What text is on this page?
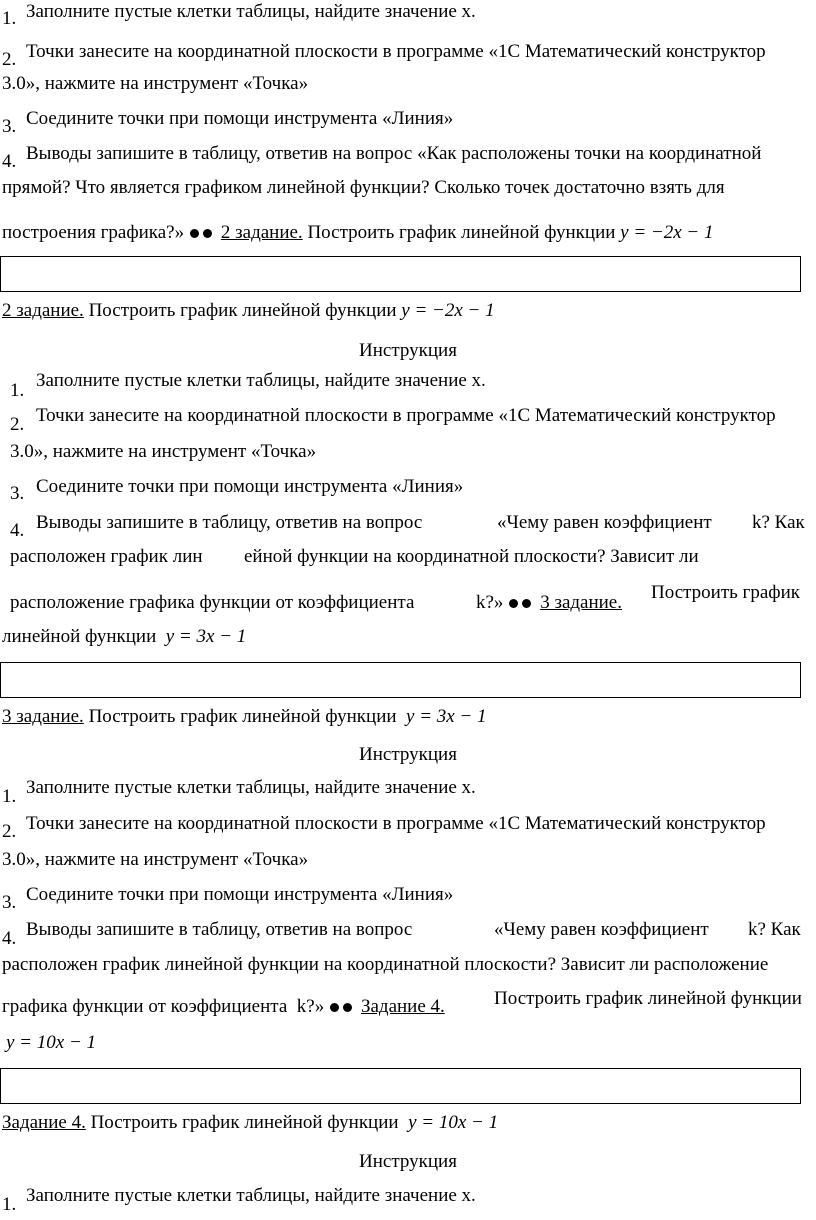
1. Заполните пустые клетки таблицы, найдите значение x.
2. Точки занесите на координатной плоскости в программе «1С Математический конструктор
3.0», нажмите на инструмент «Точка»
3. Соедините точки при помощи инструмента «Линия»
4. Выводы запишите в таблицу, ответив на вопрос «Как расположены точки на координатной
прямой? Что является графиком линейной функции? Сколько точек достаточно взять для
построения графика?» 2 задание. Построить график линейной функции y = −2x − 1
2 задание. Построить график линейной функции y = −2x − 1
Инструкция
1. Заполните пустые клетки таблицы, найдите значение x.
2. Точки занесите на координатной плоскости в программе «1С Математический конструктор
3.0», нажмите на инструмент «Точка»
3. Соедините точки при помощи инструмента «Линия»
4. Выводы запишите в таблицу, ответив на вопрос	«Чему равен коэффициент k? Как
расположен график лин ейной функции на координатной плоскости? Зависит ли
расположение графика функции от коэффициента	k?» 3 задание. Построить график
линейной функции y = 3x − 1
3 задание. Построить график линейной функции y = 3x − 1
Инструкция
1. Заполните пустые клетки таблицы, найдите значение x.
2. Точки занесите на координатной плоскости в программе «1С Математический конструктор
3.0», нажмите на инструмент «Точка»
3. Соедините точки при помощи инструмента «Линия»
4. Выводы запишите в таблицу, ответив на вопрос	«Чему равен коэффициент k? Как
расположен график линейной функции на координатной плоскости? Зависит ли расположение
графика функции от коэффициента k?» Задание 4.	Построить график линейной функции
y = 10x − 1
Задание 4. Построить график линейной функции y = 10x − 1
Инструкция
1. Заполните пустые клетки таблицы, найдите значение x.
